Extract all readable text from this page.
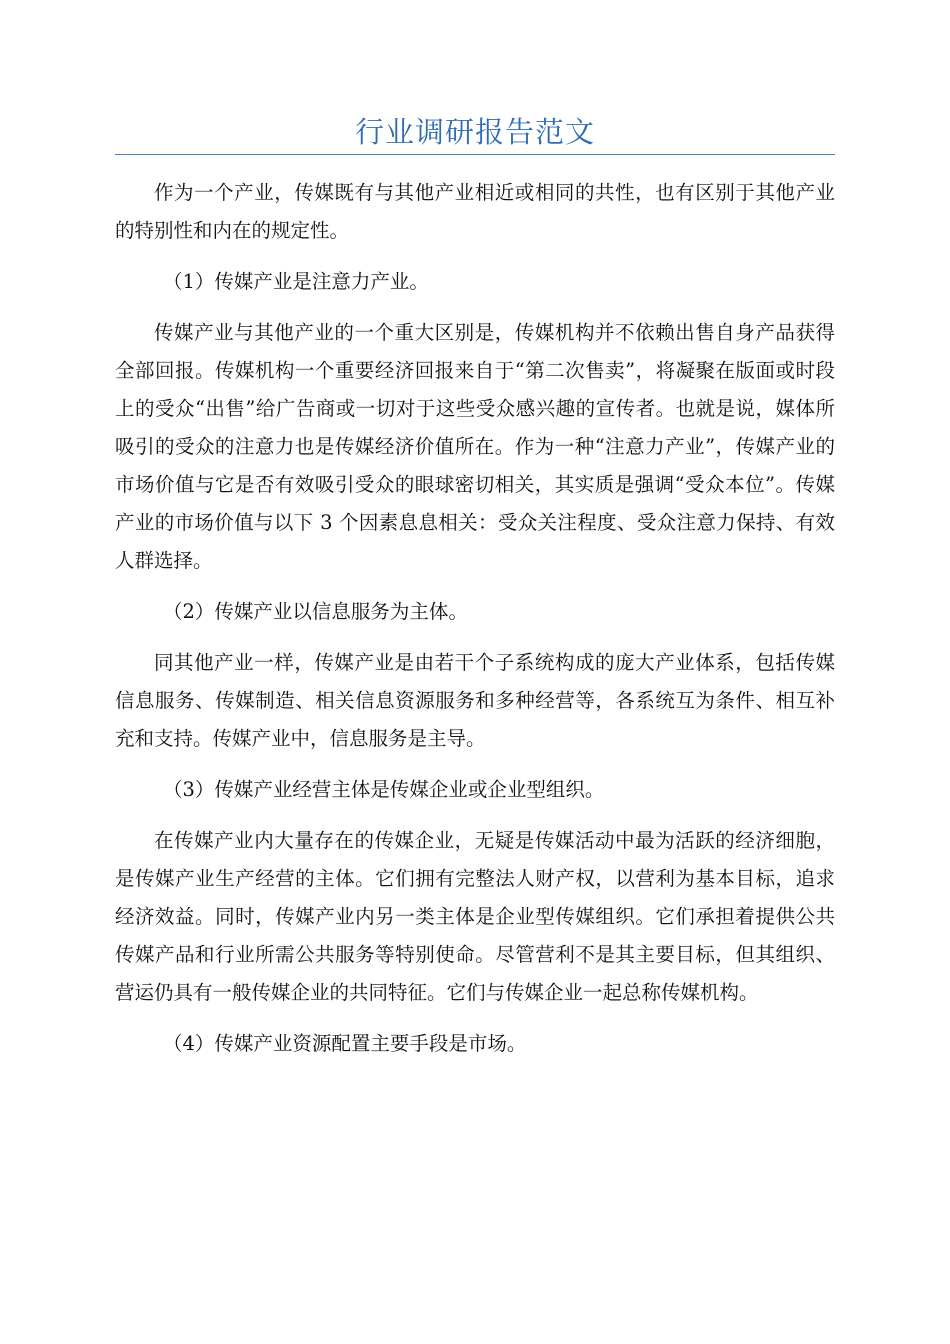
行业调研报告范文

作为一个产业，传媒既有与其他产业相近或相同的共性，也有区别于其他产业的特别性和内在的规定性。

（1）传媒产业是注意力产业。

传媒产业与其他产业的一个重大区别是，传媒机构并不依赖出售自身产品获得全部回报。传媒机构一个重要经济回报来自于“第二次售卖”，将凝聚在版面或时段上的受众“出售”给广告商或一切对于这些受众感兴趣的宣传者。也就是说，媒体所吸引的受众的注意力也是传媒经济价值所在。作为一种“注意力产业”，传媒产业的市场价值与它是否有效吸引受众的眼球密切相关，其实质是强调“受众本位”。传媒产业的市场价值与以下 3 个因素息息相关：受众关注程度、受众注意力保持、有效人群选择。

（2）传媒产业以信息服务为主体。

同其他产业一样，传媒产业是由若干个子系统构成的庞大产业体系，包括传媒信息服务、传媒制造、相关信息资源服务和多种经营等，各系统互为条件、相互补充和支持。传媒产业中，信息服务是主导。

（3）传媒产业经营主体是传媒企业或企业型组织。

在传媒产业内大量存在的传媒企业，无疑是传媒活动中最为活跃的经济细胞，是传媒产业生产经营的主体。它们拥有完整法人财产权，以营利为基本目标，追求经济效益。同时，传媒产业内另一类主体是企业型传媒组织。它们承担着提供公共传媒产品和行业所需公共服务等特别使命。尽管营利不是其主要目标，但其组织、营运仍具有一般传媒企业的共同特征。它们与传媒企业一起总称传媒机构。

（4）传媒产业资源配置主要手段是市场。
